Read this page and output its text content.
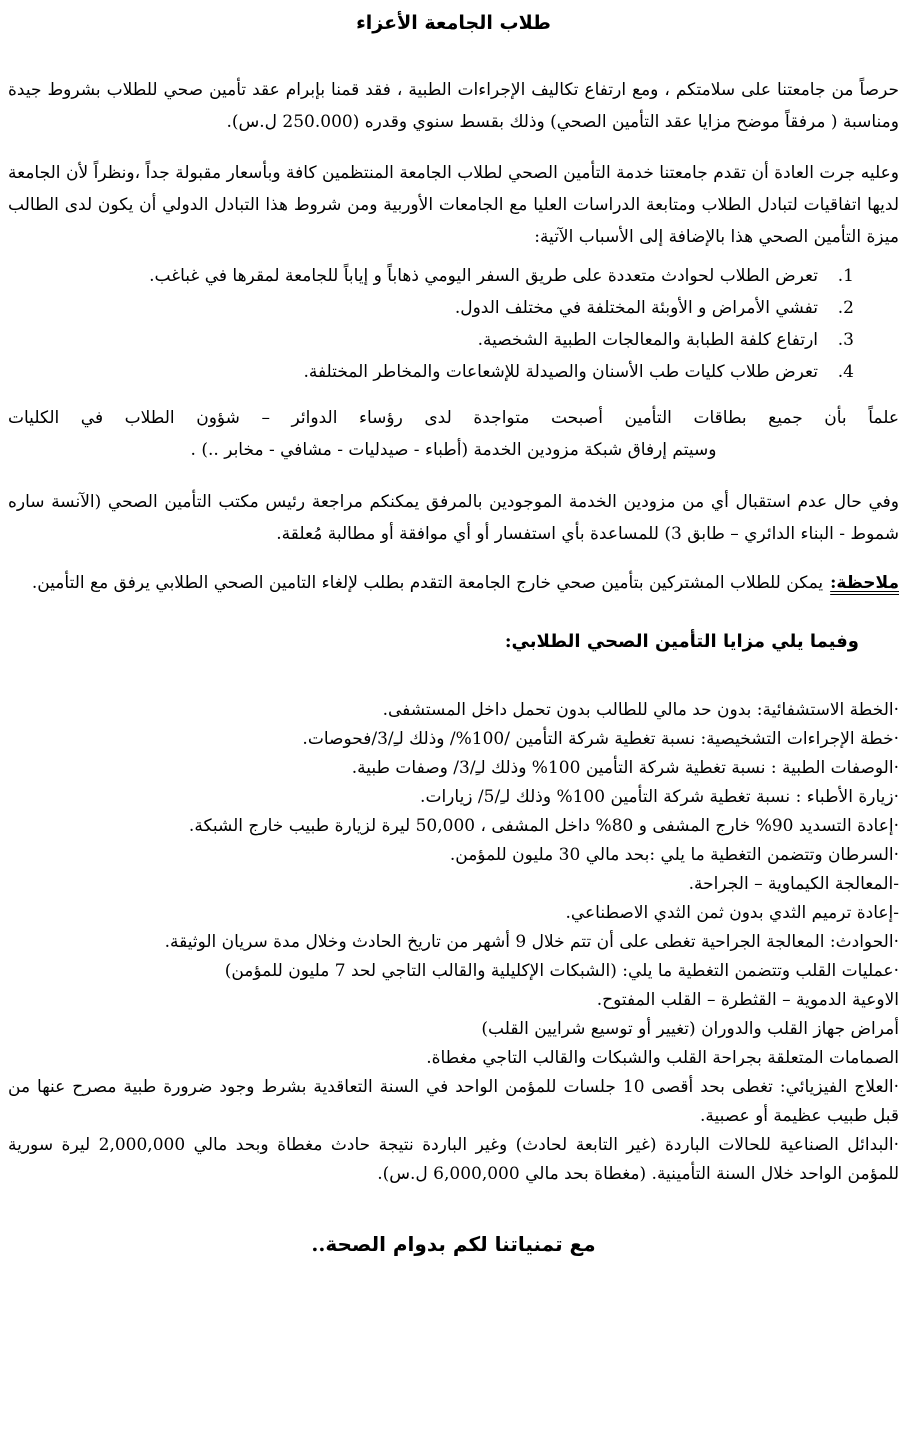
طلاب الجامعة الأعزاء

حرصاً من جامعتنا على سلامتكم ، ومع ارتفاع تكاليف الإجراءات الطبية ، فقد قمنا بإبرام عقد تأمين صحي للطلاب بشروط جيدة ومناسبة ( مرفقاً موضح مزايا عقد التأمين الصحي) وذلك بقسط سنوي وقدره (250.000 ل.س).

وعليه جرت العادة أن تقدم جامعتنا خدمة التأمين الصحي لطلاب الجامعة المنتظمين كافة وبأسعار مقبولة جداً ،ونظراً لأن الجامعة لديها اتفاقيات لتبادل الطلاب ومتابعة الدراسات العليا مع الجامعات الأوربية ومن شروط هذا التبادل الدولي أن يكون لدى الطالب ميزة التأمين الصحي هذا بالإضافة إلى الأسباب الآتية:

1.
تعرض الطلاب لحوادث متعددة على طريق السفر اليومي ذهاباً و إياباً للجامعة لمقرها في غباغب.
2.
تفشي الأمراض و الأوبئة المختلفة في مختلف الدول.
3.
ارتفاع كلفة الطبابة والمعالجات الطبية الشخصية.
4.
تعرض طلاب كليات طب الأسنان والصيدلة للإشعاعات والمخاطر المختلفة.
علماً بأن جميع بطاقات التأمين أصبحت متواجدة لدى رؤساء الدوائر – شؤون الطلاب في الكليات
وسيتم إرفاق شبكة مزودين الخدمة (أطباء - صيدليات - مشافي - مخابر ..) .

وفي حال عدم استقبال أي من مزودين الخدمة الموجودين بالمرفق يمكنكم مراجعة رئيس مكتب التأمين الصحي (الآنسة ساره شموط - البناء الدائري – طابق 3) للمساعدة بأي استفسار أو أي موافقة أو مطالبة مُعلقة.

ملاحظة:يمكن للطلاب المشتركين بتأمين صحي خارج الجامعة التقدم بطلب لإلغاء التامين الصحي الطلابي يرفق مع التأمين.

وفيما يلي مزايا التأمين الصحي الطلابي:
·الخطة الاستشفائية: بدون حد مالي للطالب بدون تحمل داخل المستشفى.
·خطة الإجراءات التشخيصية: نسبة تغطية شركة التأمين /100%/ وذلك لـِ/3/فحوصات.
·الوصفات الطبية : نسبة تغطية شركة التأمين 100% وذلك لـِ/3/ وصفات طبية.
·زيارة الأطباء : نسبة تغطية شركة التأمين 100% وذلك لـِ/5/ زيارات.
·إعادة التسديد 90% خارج المشفى و 80% داخل المشفى ، 50,000 ليرة لزيارة طبيب خارج الشبكة.
·السرطان وتتضمن التغطية ما يلي :بحد مالي 30 مليون للمؤمن.
-المعالجة الكيماوية – الجراحة.
-إعادة ترميم الثدي بدون ثمن الثدي الاصطناعي.
·الحوادث: المعالجة الجراحية تغطى على أن تتم خلال 9 أشهر من تاريخ الحادث وخلال مدة سريان الوثيقة.
·عمليات القلب وتتضمن التغطية ما يلي: (الشبكات الإكليلية والقالب التاجي لحد 7 مليون للمؤمن)
الاوعية الدموية – القثطرة – القلب المفتوح.
أمراض جهاز القلب والدوران (تغيير أو توسيع شرايين القلب)
الصمامات المتعلقة بجراحة القلب والشبكات والقالب التاجي مغطاة.
·العلاج الفيزيائي: تغطى بحد أقصى 10 جلسات للمؤمن الواحد في السنة التعاقدية بشرط وجود ضرورة طبية مصرح عنها من قبل طبيب عظيمة أو عصبية.
·البدائل الصناعية للحالات الباردة (غير التابعة لحادث) وغير الباردة نتيجة حادث مغطاة وبحد مالي 2,000,000 ليرة سورية للمؤمن الواحد خلال السنة التأمينية. (مغطاة بحد مالي 6,000,000 ل.س).
مع تمنياتنا لكم بدوام الصحة..
